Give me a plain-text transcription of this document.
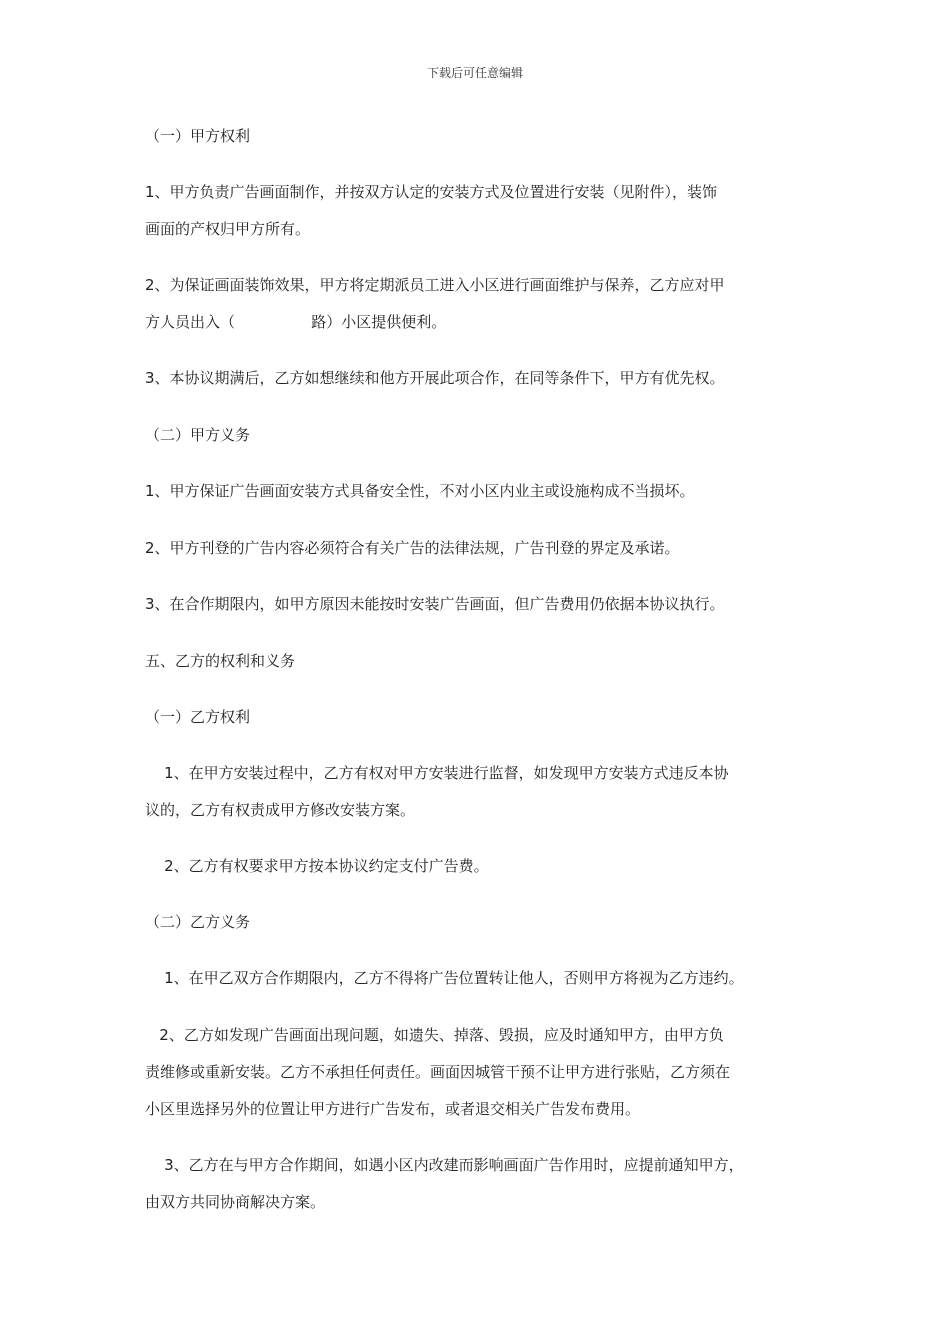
下载后可任意编辑
（一）甲方权利
1、甲方负责广告画面制作，并按双方认定的安装方式及位置进行安装（见附件），装饰
画面的产权归甲方所有。
2、为保证画面装饰效果，甲方将定期派员工进入小区进行画面维护与保养，乙方应对甲
方人员出入（                路）小区提供便利。
3、本协议期满后，乙方如想继续和他方开展此项合作，在同等条件下，甲方有优先权。
（二）甲方义务
1、甲方保证广告画面安装方式具备安全性，不对小区内业主或设施构成不当损坏。
2、甲方刊登的广告内容必须符合有关广告的法律法规，广告刊登的界定及承诺。
3、在合作期限内，如甲方原因未能按时安装广告画面，但广告费用仍依据本协议执行。
五、乙方的权利和义务
（一）乙方权利
1、在甲方安装过程中，乙方有权对甲方安装进行监督，如发现甲方安装方式违反本协
议的，乙方有权责成甲方修改安装方案。
2、乙方有权要求甲方按本协议约定支付广告费。
（二）乙方义务
1、在甲乙双方合作期限内，乙方不得将广告位置转让他人，否则甲方将视为乙方违约。
2、乙方如发现广告画面出现问题，如遗失、掉落、毁损，应及时通知甲方，由甲方负
责维修或重新安装。乙方不承担任何责任。画面因城管干预不让甲方进行张贴，乙方须在
小区里选择另外的位置让甲方进行广告发布，或者退交相关广告发布费用。
3、乙方在与甲方合作期间，如遇小区内改建而影响画面广告作用时，应提前通知甲方，
由双方共同协商解决方案。
